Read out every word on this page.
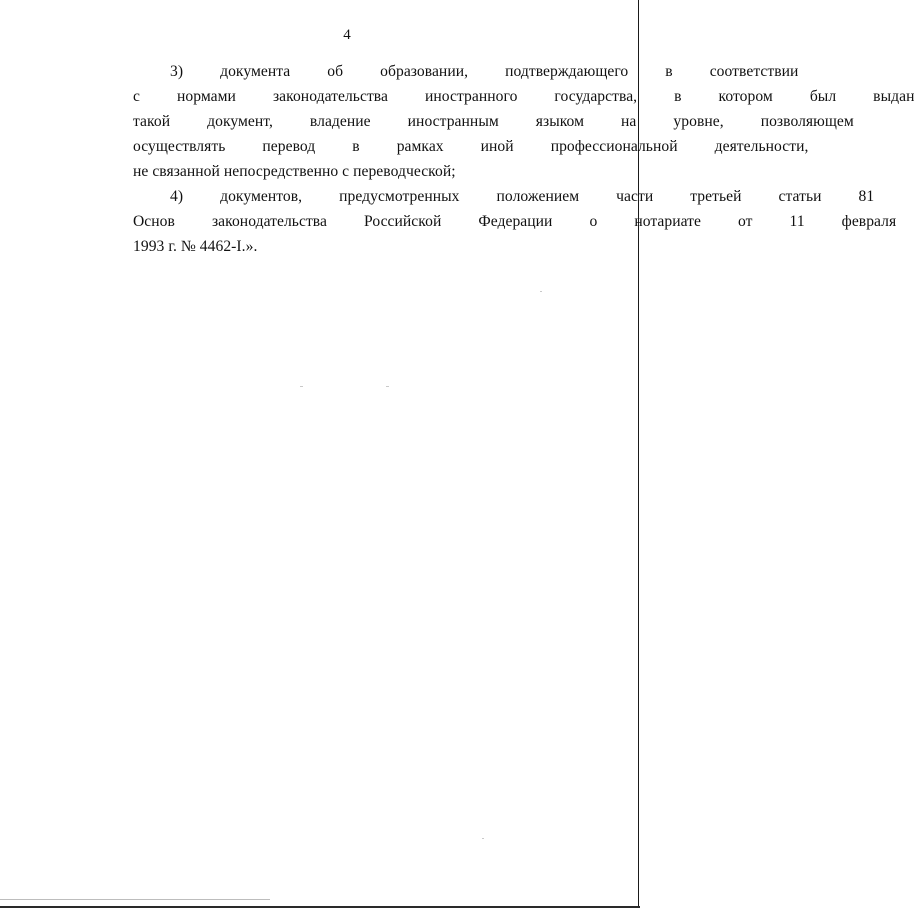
4
3)	документа	об	образовании,	подтверждающего	в	соответствии
с	нормами	законодательства	иностранного	государства,	в	котором	был	выдан
такой	документ,	владение	иностранным	языком	на	уровне,	позволяющем
осуществлять	перевод	в	рамках	иной	профессиональной	деятельности,
не связанной непосредственно с переводческой;
4)	документов,	предусмотренных	положением	части	третьей	статьи	81
Основ	законодательства	Российской	Федерации	о	нотариате	от	11	февраля
1993 г. № 4462-I.».
